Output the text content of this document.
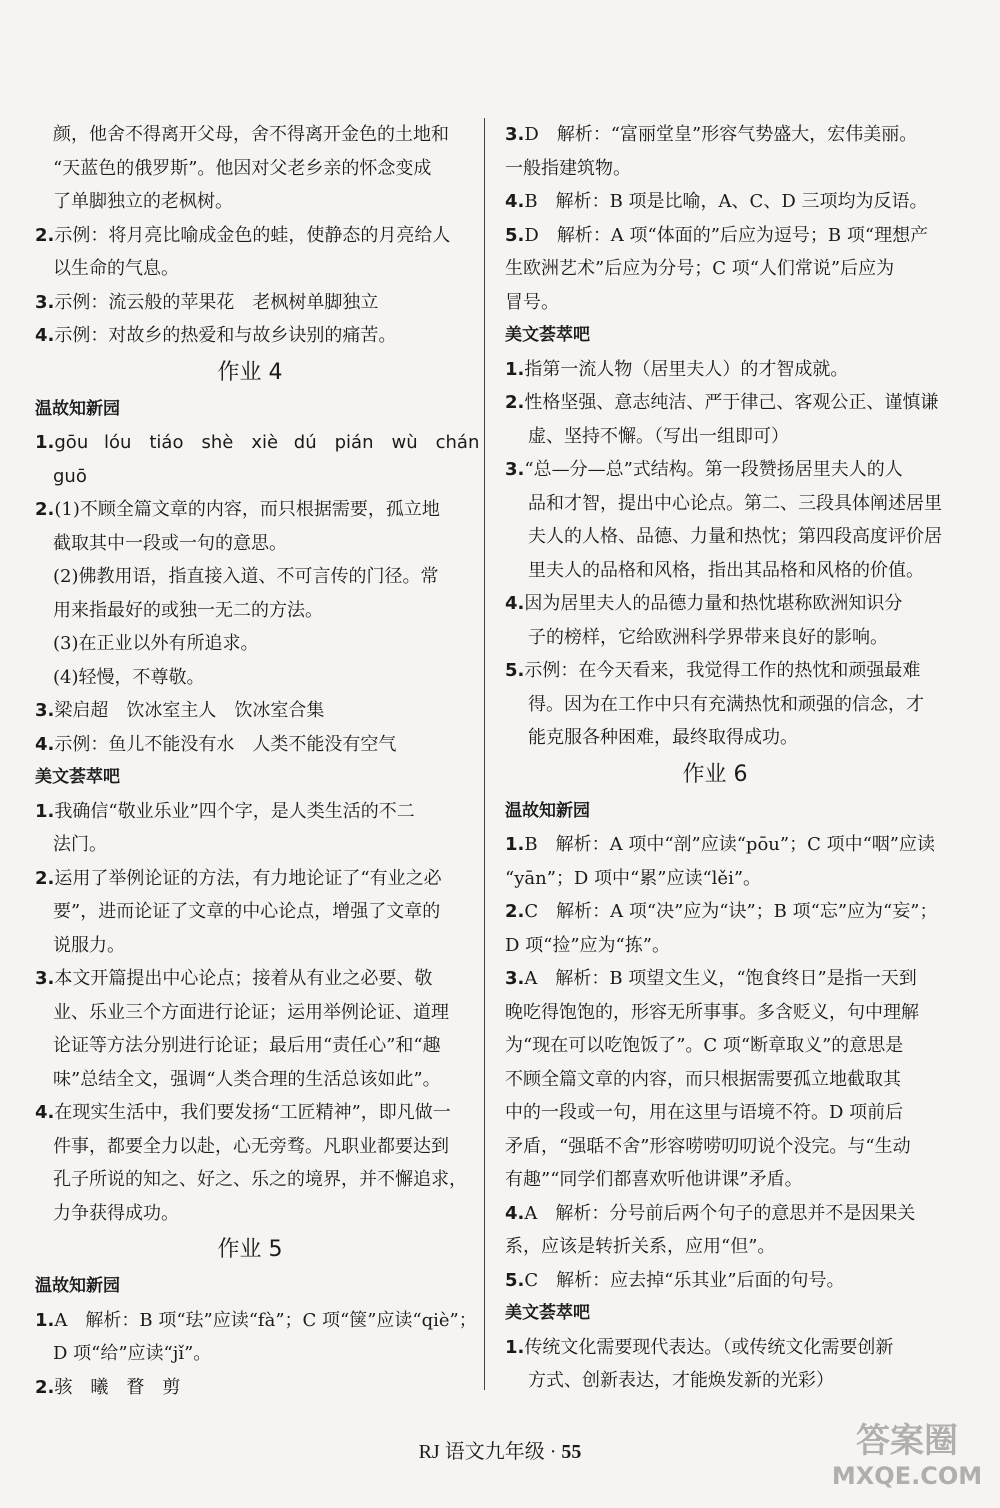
颜，他舍不得离开父母，舍不得离开金色的土地和
“天蓝色的俄罗斯”。他因对父老乡亲的怀念变成
了单脚独立的老枫树。
2.示例：将月亮比喻成金色的蛙，使静态的月亮给人
以生命的气息。
3.示例：流云般的苹果花　老枫树单脚独立
4.示例：对故乡的热爱和与故乡诀别的痛苦。
作业 4
温故知新园
1.gōu lóu　tiáo　shè　xiè dú　pián　wù　chán
guō
2.(1)不顾全篇文章的内容，而只根据需要，孤立地
截取其中一段或一句的意思。
(2)佛教用语，指直接入道、不可言传的门径。常
用来指最好的或独一无二的方法。
(3)在正业以外有所追求。
(4)轻慢，不尊敬。
3.梁启超　饮冰室主人　饮冰室合集
4.示例：鱼儿不能没有水　人类不能没有空气
美文荟萃吧
1.我确信“敬业乐业”四个字，是人类生活的不二
法门。
2.运用了举例论证的方法，有力地论证了“有业之必
要”，进而论证了文章的中心论点，增强了文章的
说服力。
3.本文开篇提出中心论点；接着从有业之必要、敬
业、乐业三个方面进行论证；运用举例论证、道理
论证等方法分别进行论证；最后用“责任心”和“趣
味”总结全文，强调“人类合理的生活总该如此”。
4.在现实生活中，我们要发扬“工匠精神”，即凡做一
件事，都要全力以赴，心无旁骛。凡职业都要达到
孔子所说的知之、好之、乐之的境界，并不懈追求，
力争获得成功。
作业 5
温故知新园
1.A　 解析：B 项“珐”应读“fà”；C 项“箧”应读“qiè”；
D 项“给”应读“jǐ”。
2.骇　曦　瞀　剪
3.D　 解析：“富丽堂皇”形容气势盛大，宏伟美丽。
一般指建筑物。
4.B　 解析：B 项是比喻，A、C、D 三项均为反语。
5.D　 解析：A 项“体面的”后应为逗号；B 项“理想产
生欧洲艺术”后应为分号；C 项“人们常说”后应为
冒号。
美文荟萃吧
1.指第一流人物（居里夫人）的才智成就。
2.性格坚强、意志纯洁、严于律己、客观公正、谨慎谦
虚、坚持不懈。（写出一组即可）
3.“总—分—总”式结构。第一段赞扬居里夫人的人
品和才智，提出中心论点。第二、三段具体阐述居里
夫人的人格、品德、力量和热忱；第四段高度评价居
里夫人的品格和风格，指出其品格和风格的价值。
4.因为居里夫人的品德力量和热忱堪称欧洲知识分
子的榜样，它给欧洲科学界带来良好的影响。
5.示例：在今天看来，我觉得工作的热忱和顽强最难
得。因为在工作中只有充满热忱和顽强的信念，才
能克服各种困难，最终取得成功。
作业 6
温故知新园
1.B　 解析：A 项中“剖”应读“pōu”；C 项中“咽”应读
“yān”；D 项中“累”应读“lěi”。
2.C　 解析：A 项“决”应为“诀”；B 项“忘”应为“妄”；
D 项“捡”应为“拣”。
3.A　 解析：B 项望文生义，“饱食终日”是指一天到
晚吃得饱饱的，形容无所事事。多含贬义，句中理解
为“现在可以吃饱饭了”。C 项“断章取义”的意思是
不顾全篇文章的内容，而只根据需要孤立地截取其
中的一段或一句，用在这里与语境不符。D 项前后
矛盾，“强聒不舍”形容唠唠叨叨说个没完。与“生动
有趣”“同学们都喜欢听他讲课”矛盾。
4.A　 解析：分号前后两个句子的意思并不是因果关
系，应该是转折关系，应用“但”。
5.C　 解析：应去掉“乐其业”后面的句号。
美文荟萃吧
1.传统文化需要现代表达。（或传统文化需要创新
方式、创新表达，才能焕发新的光彩）
RJ 语文九年级 · 55	答案圈
MXQE.COM
